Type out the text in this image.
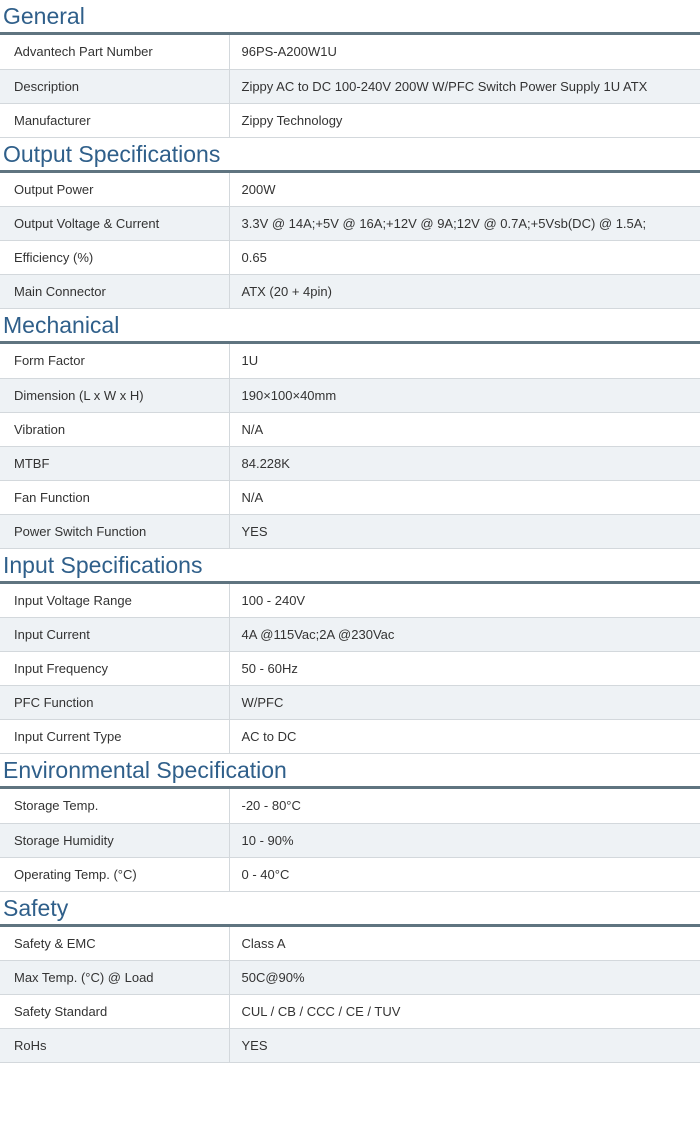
General
Advantech Part Number	96PS-A200W1U
Description	Zippy AC to DC 100-240V 200W W/PFC Switch Power Supply 1U ATX
Manufacturer	Zippy Technology
Output Specifications
Output Power	200W
Output Voltage & Current	3.3V @ 14A;+5V @ 16A;+12V @ 9A;12V @ 0.7A;+5Vsb(DC) @ 1.5A;
Efficiency (%)	0.65
Main Connector	ATX (20 + 4pin)
Mechanical
Form Factor	1U
Dimension (L x W x H)	190×100×40mm
Vibration	N/A
MTBF	84.228K
Fan Function	N/A
Power Switch Function	YES
Input Specifications
Input Voltage Range	100 - 240V
Input Current	4A @115Vac;2A @230Vac
Input Frequency	50 - 60Hz
PFC Function	W/PFC
Input Current Type	AC to DC
Environmental Specification
Storage Temp.	-20 - 80°C
Storage Humidity	10 - 90%
Operating Temp. (°C)	0 - 40°C
Safety
Safety & EMC	Class A
Max Temp. (°C) @ Load	50C@90%
Safety Standard	CUL / CB / CCC / CE / TUV
RoHs	YES
